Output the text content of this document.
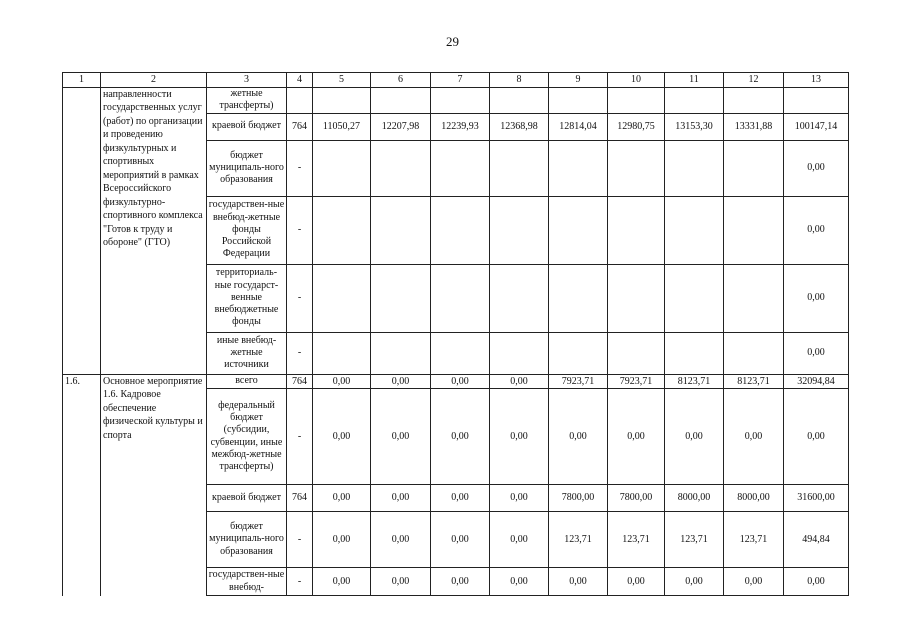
29
1	2	3	4	5	6	7	8	9	10	11	12	13
	направленности государственных услуг (работ) по организации и проведению физкультурных и спортивных мероприятий в рамках Всероссийского физкультурно-спортивного комплекса "Готов к труду и обороне" (ГТО)	жетные трансферты)										
		краевой бюджет	764	11050,27	12207,98	12239,93	12368,98	12814,04	12980,75	13153,30	13331,88	100147,14
		бюджет муниципаль-ного образования	-									0,00
		государствен-ные внебюд-жетные фонды Российской Федерации	-									0,00
		территориаль-ные государст-венные внебюджетные фонды	-									0,00
		иные внебюд-жетные источники	-									0,00
1.6.	Основное мероприятие 1.6. Кадровое обеспечение физической культуры и спорта	всего	764	0,00	0,00	0,00	0,00	7923,71	7923,71	8123,71	8123,71	32094,84
		федеральный бюджет (субсидии, субвенции, иные межбюд-жетные трансферты)	-	0,00	0,00	0,00	0,00	0,00	0,00	0,00	0,00	0,00
		краевой бюджет	764	0,00	0,00	0,00	0,00	7800,00	7800,00	8000,00	8000,00	31600,00
		бюджет муниципаль-ного образования	-	0,00	0,00	0,00	0,00	123,71	123,71	123,71	123,71	494,84
		государствен-ные внебюд-	-	0,00	0,00	0,00	0,00	0,00	0,00	0,00	0,00	0,00
